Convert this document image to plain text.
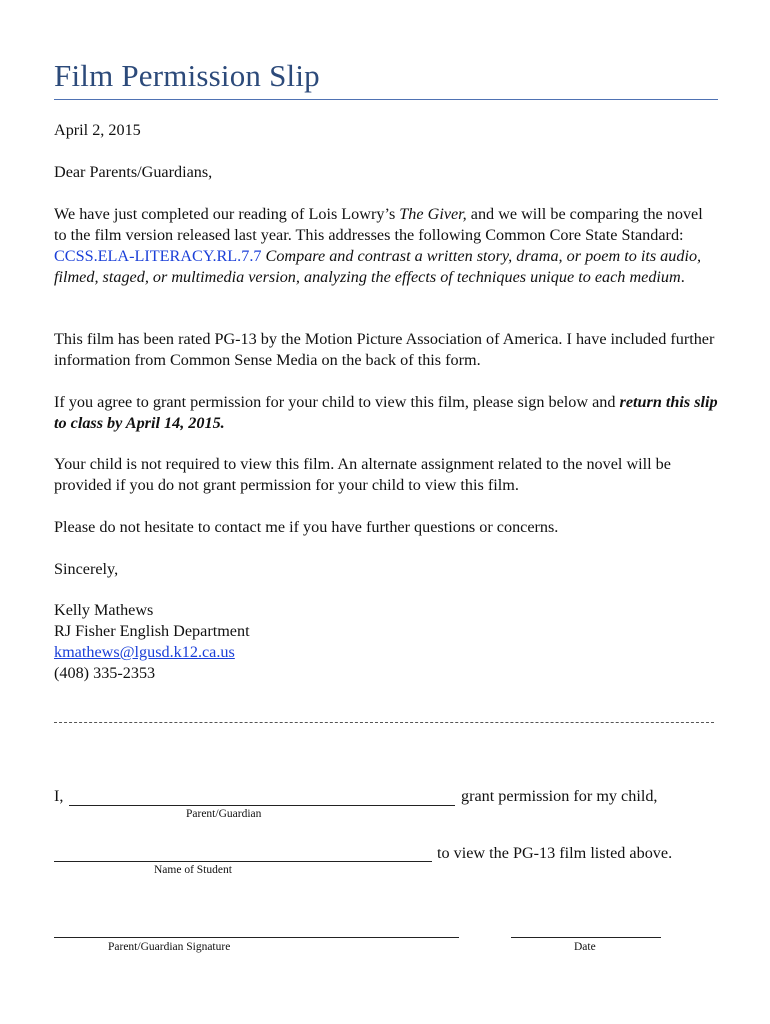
Film Permission Slip

April 2, 2015

Dear Parents/Guardians,

We have just completed our reading of Lois Lowry’s The Giver, and we will be comparing the novel to the film version released last year. This addresses the following Common Core State Standard: CCSS.ELA-LITERACY.RL.7.7 Compare and contrast a written story, drama, or poem to its audio, filmed, staged, or multimedia version, analyzing the effects of techniques unique to each medium.

This film has been rated PG-13 by the Motion Picture Association of America. I have included further information from Common Sense Media on the back of this form.

If you agree to grant permission for your child to view this film, please sign below and return this slip to class by April 14, 2015.

Your child is not required to view this film. An alternate assignment related to the novel will be provided if you do not grant permission for your child to view this film.

Please do not hesitate to contact me if you have further questions or concerns.

Sincerely,

Kelly Mathews

RJ Fisher English Department

kmathews@lgusd.k12.ca.us

(408) 335-2353

I,	grant permission for my child,
Parent/Guardian
to view the PG-13 film listed above.
Name of Student
Parent/Guardian Signature	Date
